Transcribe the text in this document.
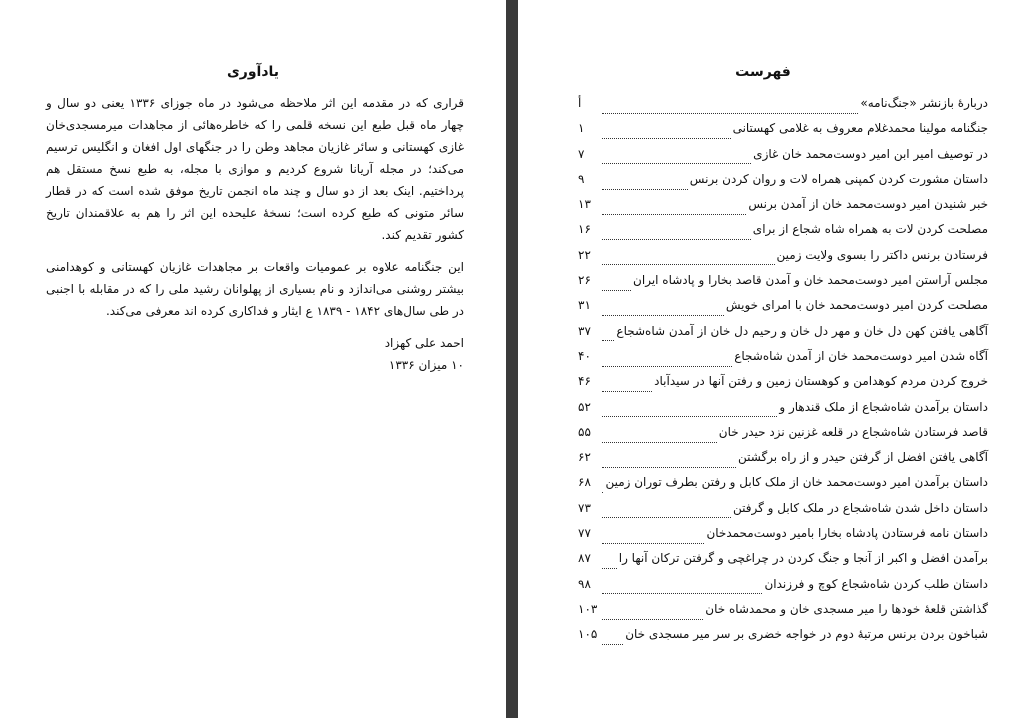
یادآوری

قراری که در مقدمه این اثر ملاحظه می‌شود در ماه جوزای ۱۳۳۶ یعنی دو سال و چهار ماه قبل طبع این نسخه قلمی را که خاطره‌هائی از مجاهدات میرمسجدی‌خان غازی کهستانی و سائر غازیان مجاهد وطن را در جنگهای اول افغان و انگلیس ترسیم می‌کند؛ در مجله آریانا شروع کردیم و موازی با مجله، به طبع نسخ مستقل هم پرداختیم. اینک بعد از دو سال و چند ماه انجمن تاریخ موفق شده است که در قطار سائر متونی که طبع کرده است؛ نسخهٔ علیحده این اثر را هم به علاقمندان تاریخ کشور تقدیم کند.

این جنگنامه علاوه بر عمومیات واقعات بر مجاهدات غازیان کهستانی و کوهدامنی بیشتر روشنی می‌اندازد و نام بسیاری از پهلوانان رشید ملی را که در مقابله با اجنبی در طی سال‌های ۱۸۴۲ - ۱۸۳۹ ع ایثار و فداکاری کرده اند معرفی می‌کند.

احمد علی کهزاد
۱۰ میزان ۱۳۳۶
فهرست
دربارهٔ بازنشر «جنگ‌نامه»
أ
جنگنامه مولینا محمدغلام معروف به غلامی کهستانی
۱
در توصیف امیر ابن امیر دوست‌محمد خان غازی
۷
داستان مشورت کردن کمپنی همراه لات و روان کردن برنس
۹
خبر شنیدن امیر دوست‌محمد خان از آمدن برنس
۱۳
مصلحت کردن لات به همراه شاه شجاع از برای
۱۶
فرستادن برنس داکتر را بسوی ولایت زمین
۲۲
مجلس آراستن امیر دوست‌محمد خان و آمدن قاصد بخارا و پادشاه ایران
۲۶
مصلحت کردن امیر دوست‌محمد خان با امرای خویش
۳۱
آگاهی یافتن کهن دل خان و مهر دل خان و رحیم دل خان از آمدن شاه‌شجاع
۳۷
آگاه شدن امیر دوست‌محمد خان از آمدن شاه‌شجاع
۴۰
خروج کردن مردم کوهدامن و کوهستان زمین و رفتن آنها در سیدآباد
۴۶
داستان برآمدن شاه‌شجاع از ملک قندهار و
۵۲
قاصد فرستادن شاه‌شجاع در قلعه غزنین نزد حیدر خان
۵۵
آگاهی یافتن افضل از گرفتن حیدر و از راه برگشتن
۶۲
داستان برآمدن امیر دوست‌محمد خان از ملک کابل و رفتن بطرف توران زمین
۶۸
داستان داخل شدن شاه‌شجاع در ملک کابل و گرفتن
۷۳
داستان نامه فرستادن پادشاه بخارا بامیر دوست‌محمدخان
۷۷
برآمدن افضل و اکبر از آنجا و جنگ کردن در چراغچی و گرفتن ترکان آنها را
۸۷
داستان طلب کردن شاه‌شجاع کوچ و فرزندان
۹۸
گذاشتن قلعهٔ خودها را میر مسجدی خان و محمدشاه خان
۱۰۳
شباخون بردن برنس مرتبهٔ دوم در خواجه خضری بر سر میر مسجدی خان
۱۰۵
